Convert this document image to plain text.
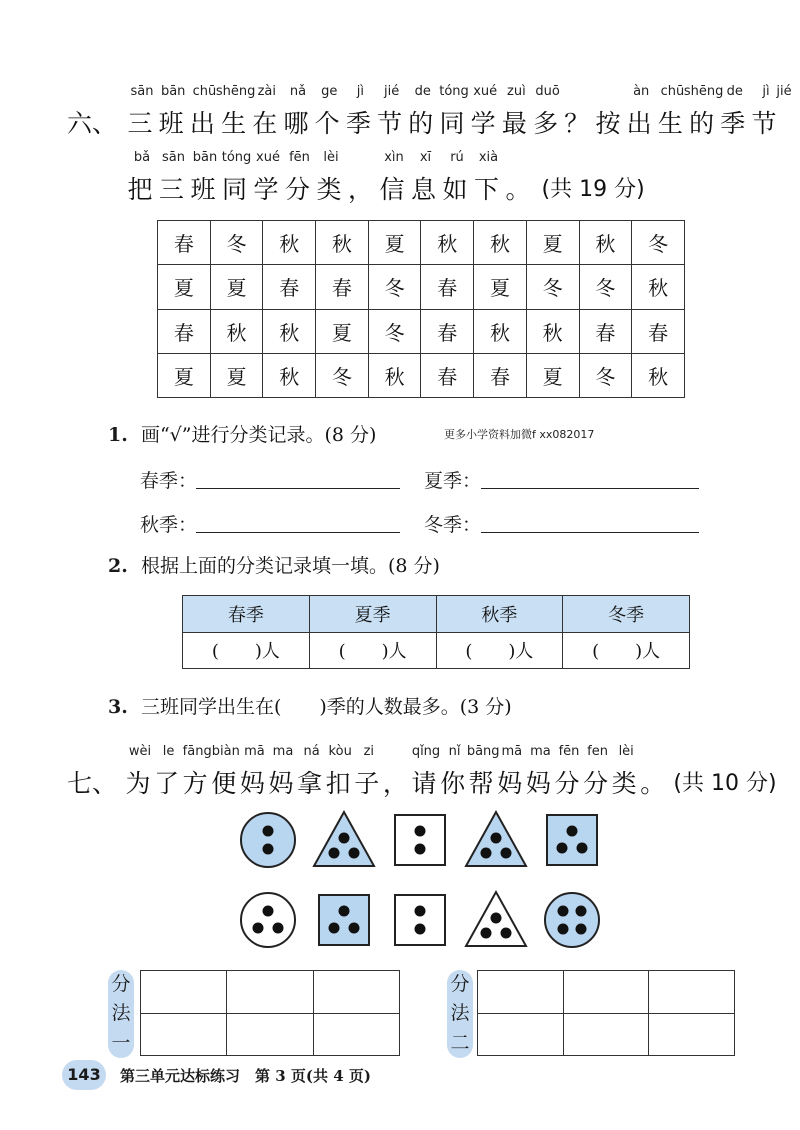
sān bān chū shēng zài nǎ ge jì jié de tóng xué zuì duō	àn chū shēng de jì jié
六、 三 班 出 生 在 哪 个 季 节 的 同 学 最 多 ？ 按 出 生 的 季 节
bǎ sān bān tóng xué fēn lèi	xìn xī rú xià
把 三 班 同 学 分 类 ， 信 息 如 下 。 (共 19 分)
春	冬	秋	秋	夏	秋	秋	夏	秋	冬
夏	夏	春	春	冬	春	夏	冬	冬	秋
春	秋	秋	夏	冬	春	秋	秋	春	春
夏	夏	秋	冬	秋	春	春	夏	冬	秋
1. 画“√”进行分类记录。(8 分)	更多小学资料加微f xx082017
春季：	夏季：
秋季：	冬季：
2. 根据上面的分类记录填一填。(8 分)
春季	夏季	秋季	冬季
(　　)人	(　　)人	(　　)人	(　　)人
3. 三班同学出生在(　　)季的人数最多。(3 分)
wèi le fāng biàn mā ma ná kòu zi	qǐng nǐ bāng mā ma fēn fen lèi
七、 为 了 方 便 妈 妈 拿 扣 子 ， 请 你 帮 妈 妈 分 分 类 。 (共 10 分)
分
法
一

分
法
二

143	第三单元达标练习　第 3 页(共 4 页)
